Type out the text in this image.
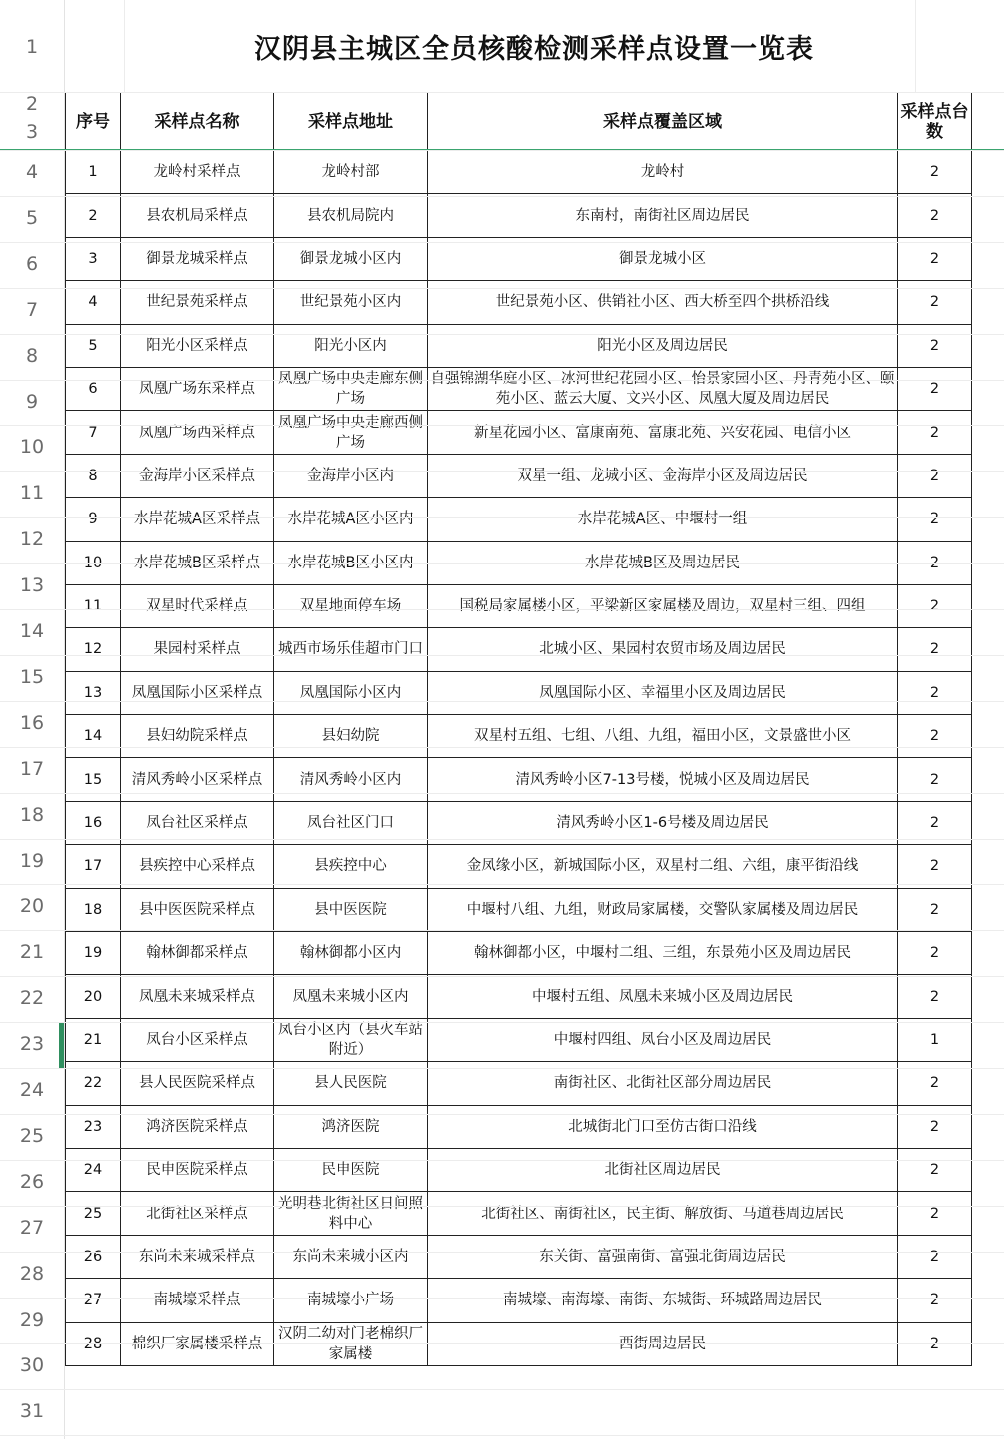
1
2
3
4
5
6
7
8
9
10
11
12
13
14
15
16
17
18
19
20
21
22
23
24
25
26
27
28
29
30
31
汉阴县主城区全员核酸检测采样点设置一览表
序号	采样点名称	采样点地址	采样点覆盖区域	采样点台数
1	龙岭村采样点	龙岭村部	龙岭村	2
2	县农机局采样点	县农机局院内	东南村，南街社区周边居民	2
3	御景龙城采样点	御景龙城小区内	御景龙城小区	2
4	世纪景苑采样点	世纪景苑小区内	世纪景苑小区、供销社小区、西大桥至四个拱桥沿线	2
5	阳光小区采样点	阳光小区内	阳光小区及周边居民	2
6	凤凰广场东采样点	凤凰广场中央走廊东侧广场	自强锦湖华庭小区、冰河世纪花园小区、怡景家园小区、丹青苑小区、颐苑小区、蓝云大厦、文兴小区、凤凰大厦及周边居民	2
7	凤凰广场西采样点	凤凰广场中央走廊西侧广场	新星花园小区、富康南苑、富康北苑、兴安花园、电信小区	2
8	金海岸小区采样点	金海岸小区内	双星一组、龙城小区、金海岸小区及周边居民	2
9	水岸花城A区采样点	水岸花城A区小区内	水岸花城A区、中堰村一组	2
10	水岸花城B区采样点	水岸花城B区小区内	水岸花城B区及周边居民	2
11	双星时代采样点	双星地面停车场	国税局家属楼小区，平梁新区家属楼及周边，双星村三组、四组	2
12	果园村采样点	城西市场乐佳超市门口	北城小区、果园村农贸市场及周边居民	2
13	凤凰国际小区采样点	凤凰国际小区内	凤凰国际小区、幸福里小区及周边居民	2
14	县妇幼院采样点	县妇幼院	双星村五组、七组、八组、九组，福田小区，文景盛世小区	2
15	清风秀岭小区采样点	清风秀岭小区内	清风秀岭小区7-13号楼，悦城小区及周边居民	2
16	凤台社区采样点	凤台社区门口	清风秀岭小区1-6号楼及周边居民	2
17	县疾控中心采样点	县疾控中心	金凤缘小区，新城国际小区，双星村二组、六组，康平街沿线	2
18	县中医医院采样点	县中医医院	中堰村八组、九组，财政局家属楼，交警队家属楼及周边居民	2
19	翰林御都采样点	翰林御都小区内	翰林御都小区，中堰村二组、三组，东景苑小区及周边居民	2
20	凤凰未来城采样点	凤凰未来城小区内	中堰村五组、凤凰未来城小区及周边居民	2
21	凤台小区采样点	凤台小区内（县火车站附近）	中堰村四组、凤台小区及周边居民	1
22	县人民医院采样点	县人民医院	南街社区、北街社区部分周边居民	2
23	鸿济医院采样点	鸿济医院	北城街北门口至仿古街口沿线	2
24	民申医院采样点	民申医院	北街社区周边居民	2
25	北街社区采样点	光明巷北街社区日间照料中心	北街社区、南街社区，民主街、解放街、马道巷周边居民	2
26	东尚未来城采样点	东尚未来城小区内	东关街、富强南街、富强北街周边居民	2
27	南城壕采样点	南城壕小广场	南城壕、南海壕、南街、东城街、环城路周边居民	2
28	棉织厂家属楼采样点	汉阴二幼对门老棉织厂家属楼	西街周边居民	2
